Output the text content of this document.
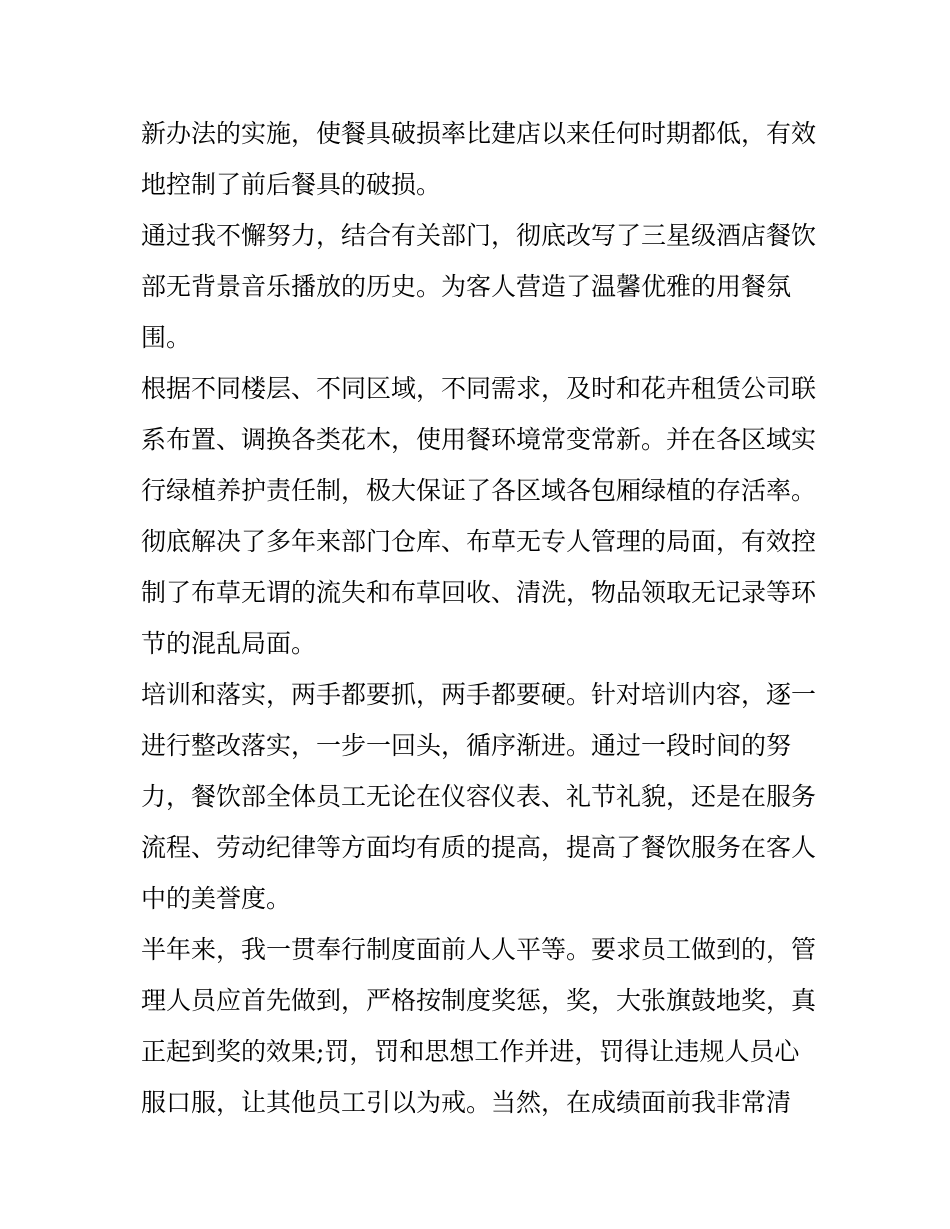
新办法的实施，使餐具破损率比建店以来任何时期都低，有效
地控制了前后餐具的破损。
通过我不懈努力，结合有关部门，彻底改写了三星级酒店餐饮
部无背景音乐播放的历史。为客人营造了温馨优雅的用餐氛
围。
根据不同楼层、不同区域，不同需求，及时和花卉租赁公司联
系布置、调换各类花木，使用餐环境常变常新。并在各区域实
行绿植养护责任制，极大保证了各区域各包厢绿植的存活率。
彻底解决了多年来部门仓库、布草无专人管理的局面，有效控
制了布草无谓的流失和布草回收、清洗，物品领取无记录等环
节的混乱局面。
培训和落实，两手都要抓，两手都要硬。针对培训内容，逐一
进行整改落实，一步一回头，循序渐进。通过一段时间的努
力，餐饮部全体员工无论在仪容仪表、礼节礼貌，还是在服务
流程、劳动纪律等方面均有质的提高，提高了餐饮服务在客人
中的美誉度。
半年来，我一贯奉行制度面前人人平等。要求员工做到的，管
理人员应首先做到，严格按制度奖惩，奖，大张旗鼓地奖，真
正起到奖的效果;罚，罚和思想工作并进，罚得让违规人员心
服口服，让其他员工引以为戒。当然，在成绩面前我非常清
